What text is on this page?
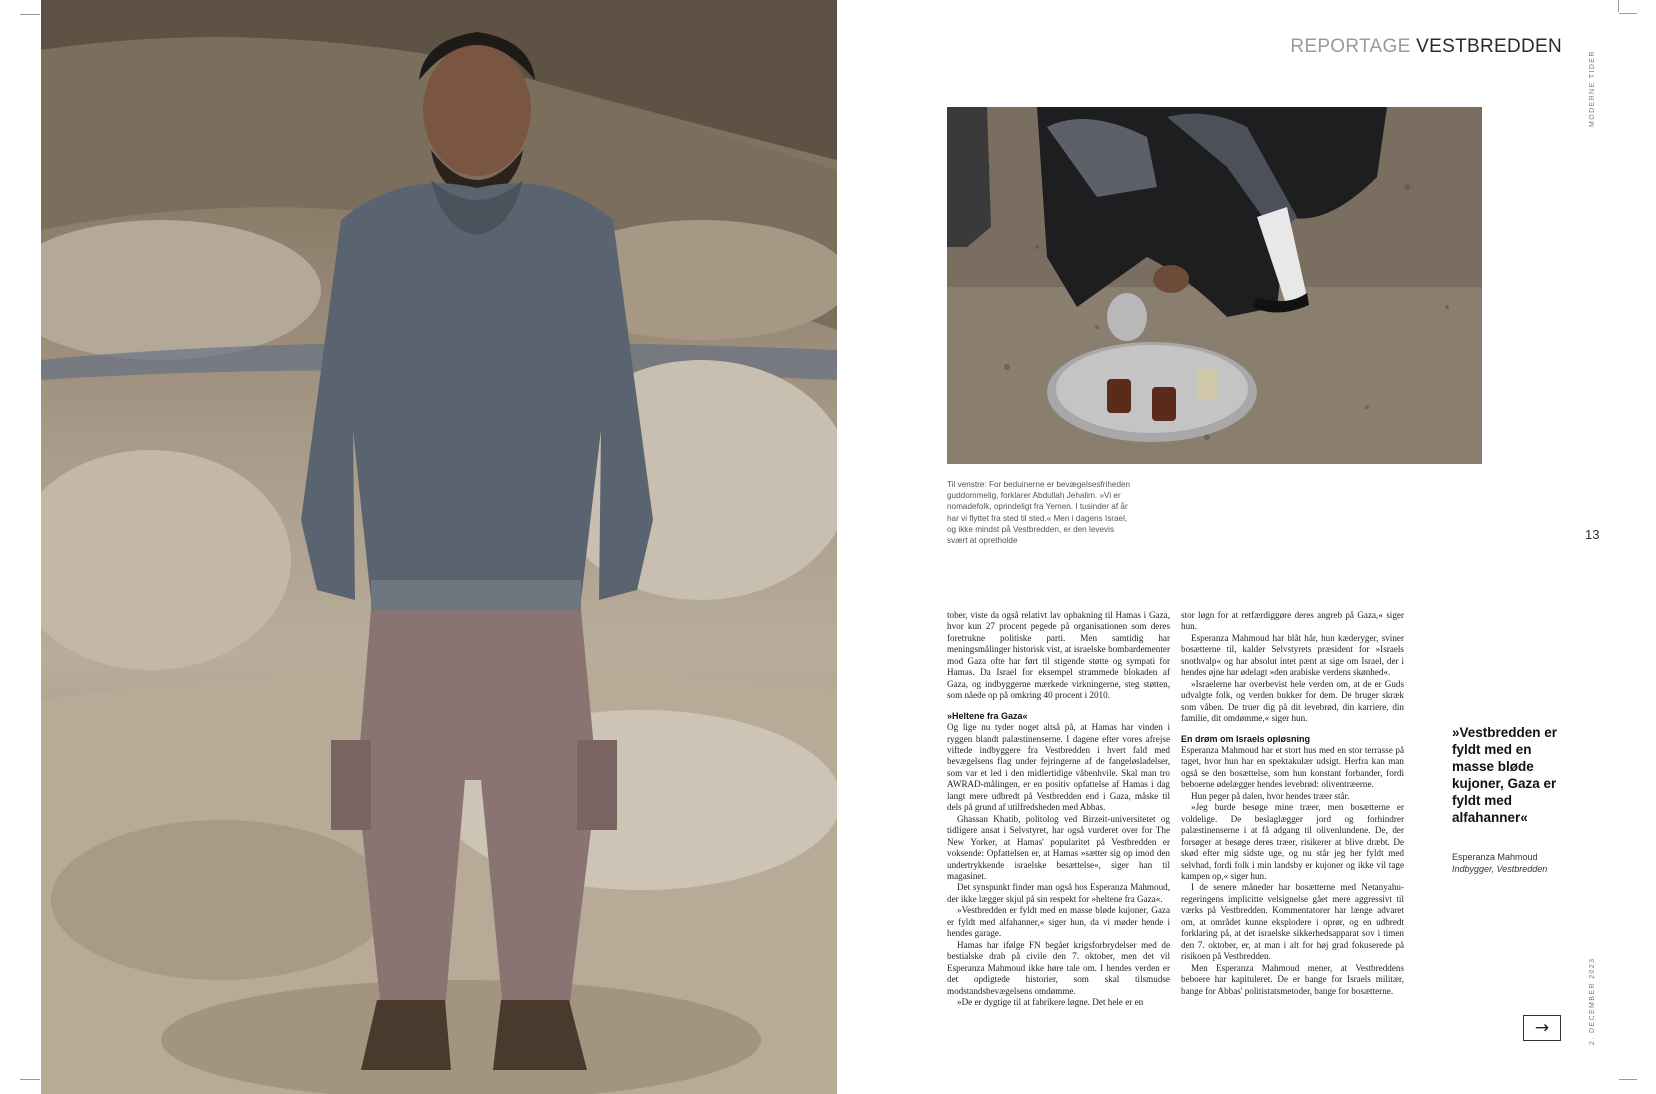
REPORTAGE VESTBREDDEN
MODERNE TIDER
2. DECEMBER 2023
Til venstre: For beduinerne er bevægelsesfriheden guddommelig, forklarer Abdullah Jehalim. »Vi er nomadefolk, oprindeligt fra Yemen. I tusinder af år har vi flyttet fra sted til sted.« Men i dagens Israel, og ikke mindst på Vestbredden, er den levevis svært at opretholde	13

tober, viste da også relativt lav opbakning til Hamas i Gaza, hvor kun 27 procent pegede på organisationen som deres foretrukne politiske parti. Men samtidig har meningsmålinger historisk vist, at israelske bombardementer mod Gaza ofte har ført til stigende støtte og sympati for Hamas. Da Israel for eksempel strammede blokaden af Gaza, og indbyggerne mærkede virkningerne, steg støtten, som nåede op på omkring 40 procent i 2010.

»Heltene fra Gaza«

Og lige nu tyder noget altså på, at Hamas har vinden i ryggen blandt palæstinenserne. I dagene efter vores afrejse viftede indbyggere fra Vestbredden i hvert fald med bevægelsens flag under fejringerne af de fangeløsladelser, som var et led i den midlertidige våbenhvile. Skal man tro AWRAD-målingen, er en positiv opfattelse af Hamas i dag langt mere udbredt på Vestbredden end i Gaza, måske til dels på grund af utilfredsheden med Abbas.

Ghassan Khatib, politolog ved Birzeit-universitetet og tidligere ansat i Selvstyret, har også vurderet over for The New Yorker, at Hamas' popularitet på Vestbredden er voksende: Opfattelsen er, at Hamas »sætter sig op imod den undertrykkende israelske besættelse«, siger han til magasinet.

Det synspunkt finder man også hos Esperanza Mahmoud, der ikke lægger skjul på sin respekt for »heltene fra Gaza«.

»Vestbredden er fyldt med en masse bløde kujoner, Gaza er fyldt med alfahanner,« siger hun, da vi møder hende i hendes garage.

Hamas har ifølge FN begået krigsforbrydelser med de bestialske drab på civile den 7. oktober, men det vil Esperanza Mahmoud ikke høre tale om. I hendes verden er det opdigtede historier, som skal tilsmudse modstandsbevægelsens omdømme.

»De er dygtige til at fabrikere løgne. Det hele er en

stor løgn for at retfærdiggøre deres angreb på Gaza,« siger hun.

Esperanza Mahmoud har blåt hår, hun kæderyger, sviner bosætterne til, kalder Selvstyrets præsident for »Israels snothvalp« og har absolut intet pænt at sige om Israel, der i hendes øjne har ødelagt »den arabiske verdens skønhed«.

»Israelerne har overbevist hele verden om, at de er Guds udvalgte folk, og verden bukker for dem. De bruger skræk som våben. De truer dig på dit levebrød, din karriere, din familie, dit omdømme,« siger hun.

En drøm om Israels opløsning

Esperanza Mahmoud har et stort hus med en stor terrasse på taget, hvor hun har en spektakulær udsigt. Herfra kan man også se den bosættelse, som hun konstant forbander, fordi beboerne ødelægger hendes levebrød: oliventræerne.

Hun peger på dalen, hvor hendes træer står.

»Jeg burde besøge mine træer, men bosætterne er voldelige. De beslaglægger jord og forhindrer palæstinenserne i at få adgang til olivenlundene. De, der forsøger at besøge deres træer, risikerer at blive dræbt. De skød efter mig sidste uge, og nu står jeg her fyldt med selvhad, fordi folk i min landsby er kujoner og ikke vil tage kampen op,« siger hun.

I de senere måneder har bosætterne med Netanyahu-regeringens implicitte velsignelse gået mere aggressivt til værks på Vestbredden. Kommentatorer har længe advaret om, at området kunne eksplodere i oprør, og en udbredt forklaring på, at det israelske sikkerhedsapparat sov i timen den 7. oktober, er, at man i alt for høj grad fokuserede på risikoen på Vestbredden.

Men Esperanza Mahmoud mener, at Vestbreddens beboere har kapituleret. De er bange for Israels militær, bange for Abbas' politistatsmetoder, bange for bosætterne.

»Vestbredden er fyldt med en masse bløde kujoner, Gaza er fyldt med alfahanner«
Esperanza Mahmoud
Indbygger, Vestbredden
→
